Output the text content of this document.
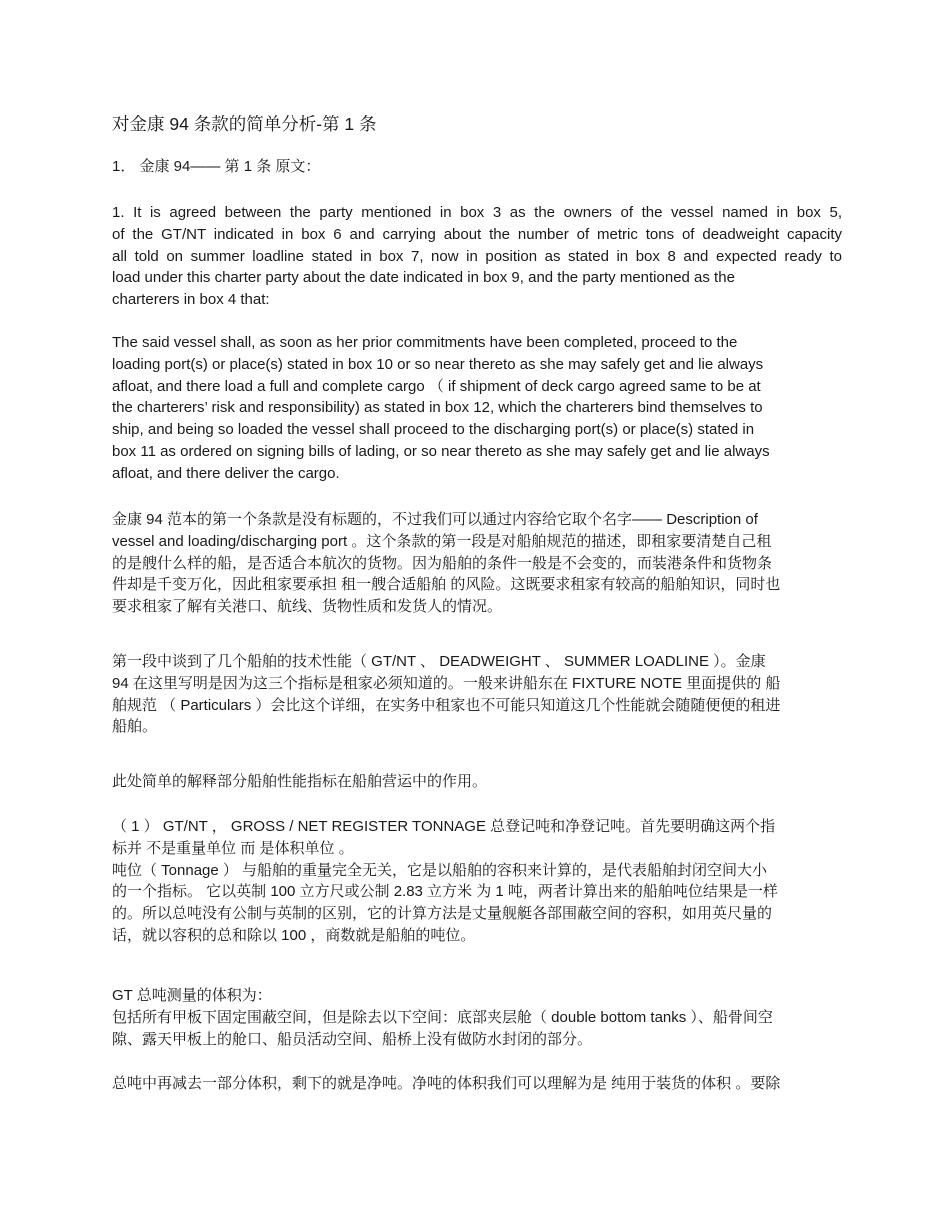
对金康 94 条款的简单分析-第 1 条
1． 金康 94—— 第 1 条 原文：
1. It is agreed between the party mentioned in box 3 as the owners of the vessel named in box 5,
of the GT/NT indicated in box 6 and carrying about the number of metric tons of deadweight capacity
all told on summer loadline stated in box 7, now in position as stated in box 8 and expected ready to
load under this charter party about the date indicated in box 9, and the party mentioned as the
charterers in box 4 that:
The said vessel shall, as soon as her prior commitments have been completed, proceed to the
loading port(s) or place(s) stated in box 10 or so near thereto as she may safely get and lie always
afloat, and there load a full and complete cargo （ if shipment of deck cargo agreed same to be at
the charterers’ risk and responsibility) as stated in box 12, which the charterers bind themselves to
ship, and being so loaded the vessel shall proceed to the discharging port(s) or place(s) stated in
box 11 as ordered on signing bills of lading, or so near thereto as she may safely get and lie always
afloat, and there deliver the cargo.
金康 94 范本的第一个条款是没有标题的，不过我们可以通过内容给它取个名字—— Description of
vessel and loading/discharging port 。这个条款的第一段是对船舶规范的描述，即租家要清楚自己租
的是艘什么样的船，是否适合本航次的货物。因为船舶的条件一般是不会变的，而装港条件和货物条
件却是千变万化，因此租家要承担 租一艘合适船舶 的风险。这既要求租家有较高的船舶知识，同时也
要求租家了解有关港口、航线、货物性质和发货人的情况。
第一段中谈到了几个船舶的技术性能（ GT/NT 、 DEADWEIGHT 、 SUMMER LOADLINE ）。金康
94 在这里写明是因为这三个指标是租家必须知道的。一般来讲船东在 FIXTURE NOTE 里面提供的 船
舶规范 （ Particulars ）会比这个详细，在实务中租家也不可能只知道这几个性能就会随随便便的租进
船舶。
此处简单的解释部分船舶性能指标在船舶营运中的作用。
（ 1 ） GT/NT ， GROSS / NET REGISTER TONNAGE 总登记吨和净登记吨。首先要明确这两个指
标并 不是重量单位 而 是体积单位 。
吨位（ Tonnage ） 与船舶的重量完全无关，它是以船舶的容积来计算的，是代表船舶封闭空间大小
的一个指标。 它以英制 100 立方尺或公制 2.83 立方米 为 1 吨，两者计算出来的船舶吨位结果是一样
的。所以总吨没有公制与英制的区别，它的计算方法是丈量舰艇各部围蔽空间的容积，如用英尺量的
话，就以容积的总和除以 100 ，商数就是船舶的吨位。
GT 总吨测量的体积为：
包括所有甲板下固定围蔽空间，但是除去以下空间：底部夹层舱（ double bottom tanks ）、船骨间空
隙、露天甲板上的舱口、船员活动空间、船桥上没有做防水封闭的部分。
总吨中再减去一部分体积，剩下的就是净吨。净吨的体积我们可以理解为是 纯用于装货的体积 。要除
